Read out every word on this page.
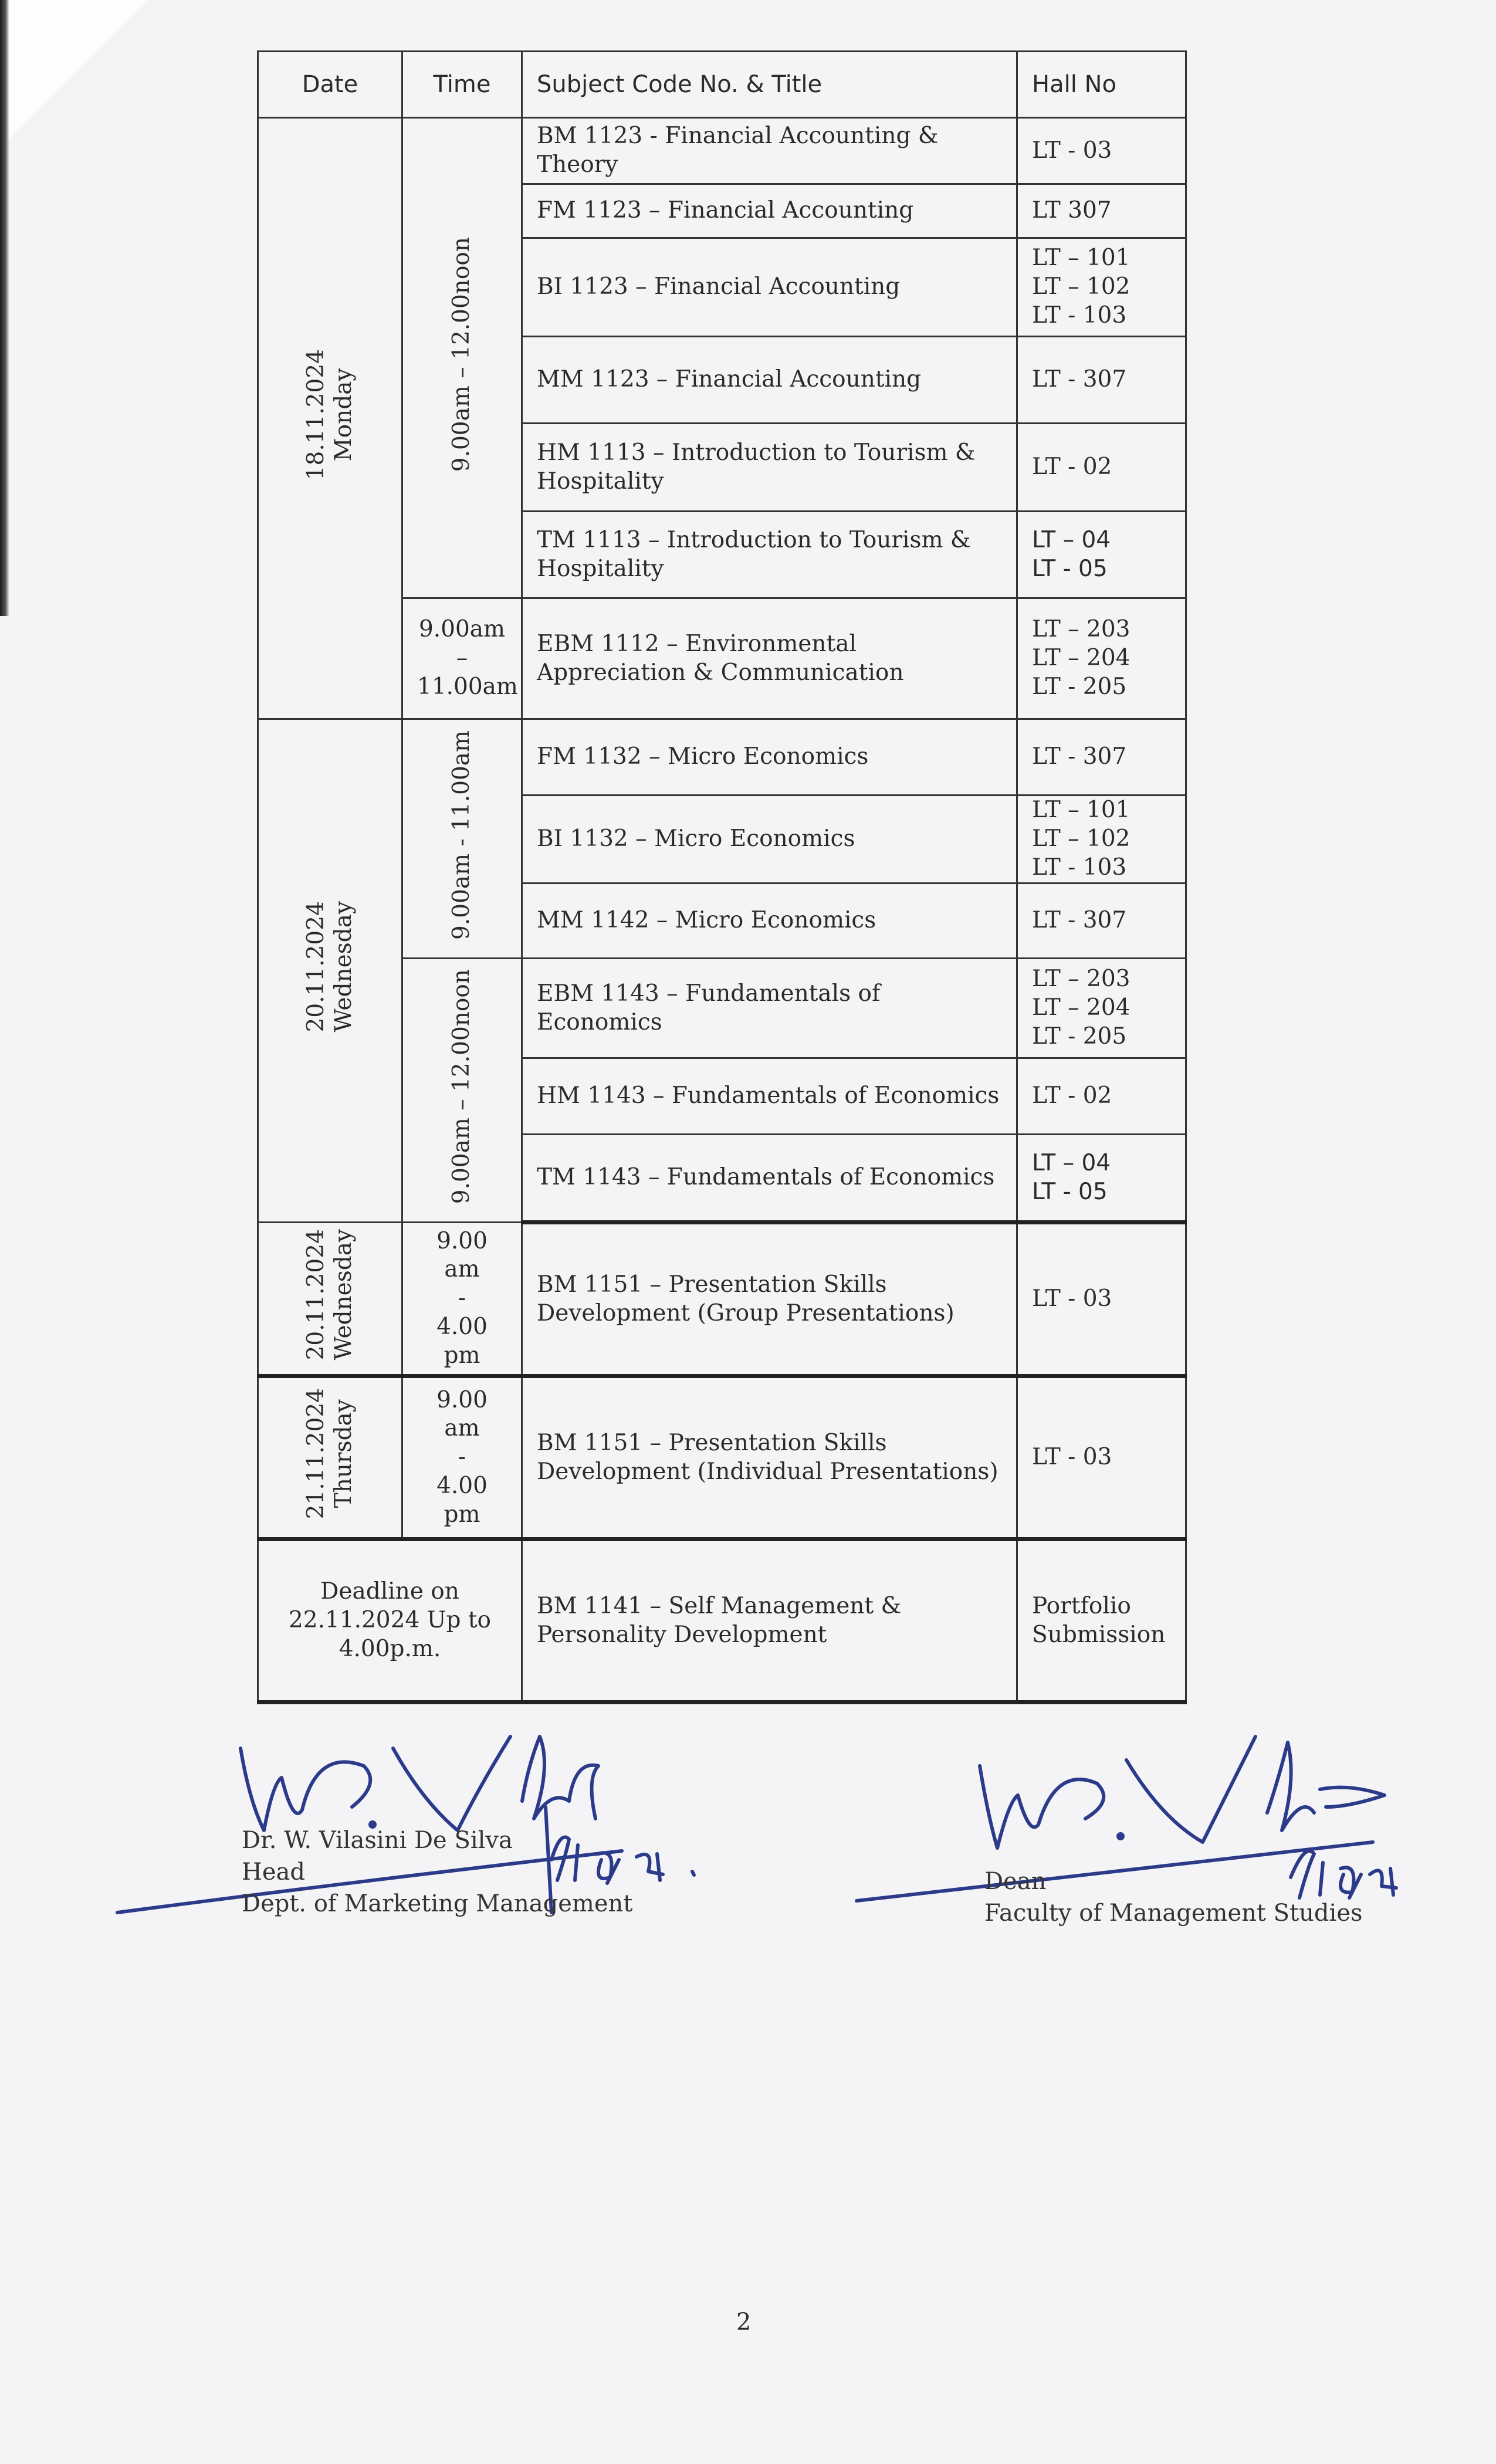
Date	Time	Subject Code No. & Title	Hall No
18.11.2024
Monday	9.00am – 12.00noon	BM 1123 - Financial Accounting & Theory	LT - 03

		FM 1123 – Financial Accounting	LT 307

		BI 1123 – Financial Accounting	LT – 101
LT – 102
LT - 103

		MM 1123 – Financial Accounting	LT - 307

		HM 1113 – Introduction to Tourism & Hospitality	LT - 02

		TM 1113 – Introduction to Tourism & Hospitality	LT – 04
LT - 05

	9.00am
–
11.00am	EBM 1112 – Environmental Appreciation & Communication	LT – 203
LT – 204
LT - 205

20.11.2024
Wednesday	9.00am - 11.00am	FM 1132 – Micro Economics	LT - 307

		BI 1132 – Micro Economics	LT – 101
LT – 102
LT - 103

		MM 1142 – Micro Economics	LT - 307

	9.00am – 12.00noon	EBM 1143 – Fundamentals of Economics	LT – 203
LT – 204
LT - 205

		HM 1143 – Fundamentals of Economics	LT - 02

		TM 1143 – Fundamentals of Economics	LT – 04
LT - 05

20.11.2024
Wednesday	9.00 am
-
4.00 pm	BM 1151 – Presentation Skills Development (Group Presentations)	LT - 03

21.11.2024
Thursday	9.00 am
-
4.00 pm	BM 1151 – Presentation Skills Development (Individual Presentations)	LT - 03

Deadline on
22.11.2024 Up to
4.00p.m.		BM 1141 – Self Management & Personality Development	Portfolio
Submission
Dr. W. Vilasini De Silva
Head
Dept. of Marketing Management
Dean
Faculty of Management Studies
2
